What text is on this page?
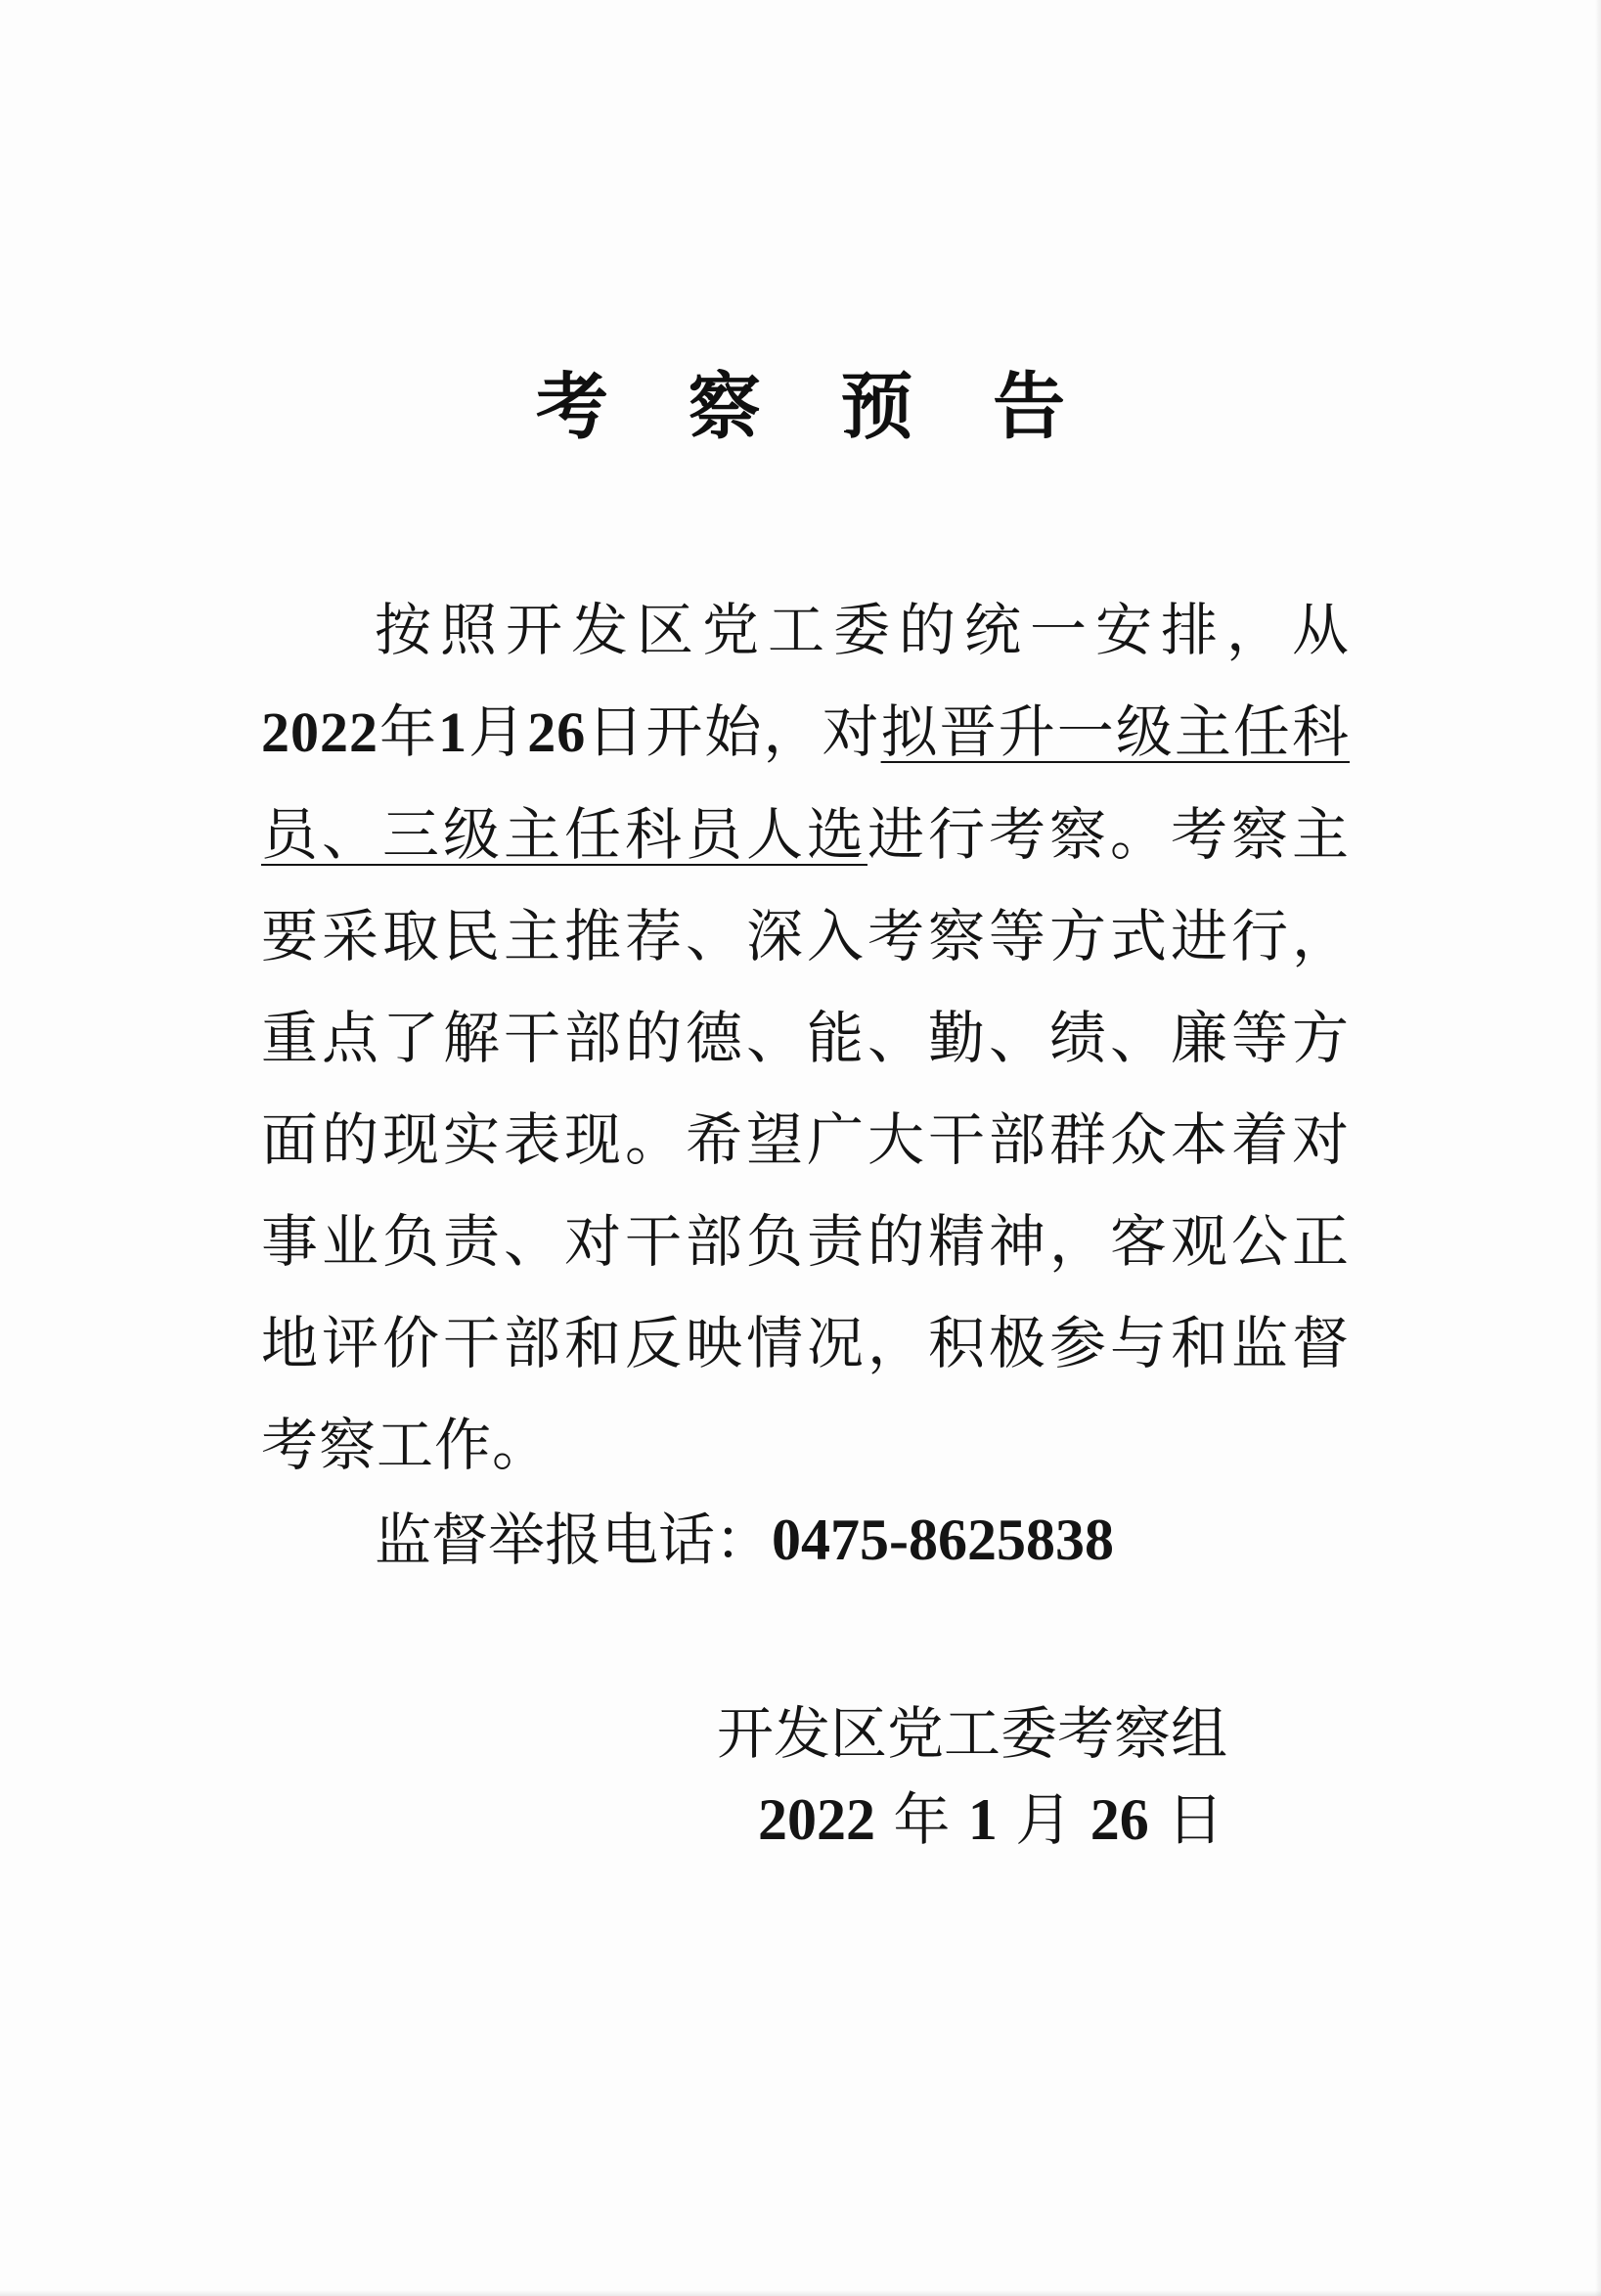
考 察 预 告
按照开发区党工委的统一安排，从2022年1月26日开始，对拟晋升一级主任科员、三级主任科员人选进行考察。考察主要采取民主推荐、深入考察等方式进行，重点了解干部的德、能、勤、绩、廉等方面的现实表现。希望广大干部群众本着对事业负责、对干部负责的精神，客观公正地评价干部和反映情况，积极参与和监督考察工作。
监督举报电话：0475-8625838
开发区党工委考察组
2022 年 1 月 26 日
